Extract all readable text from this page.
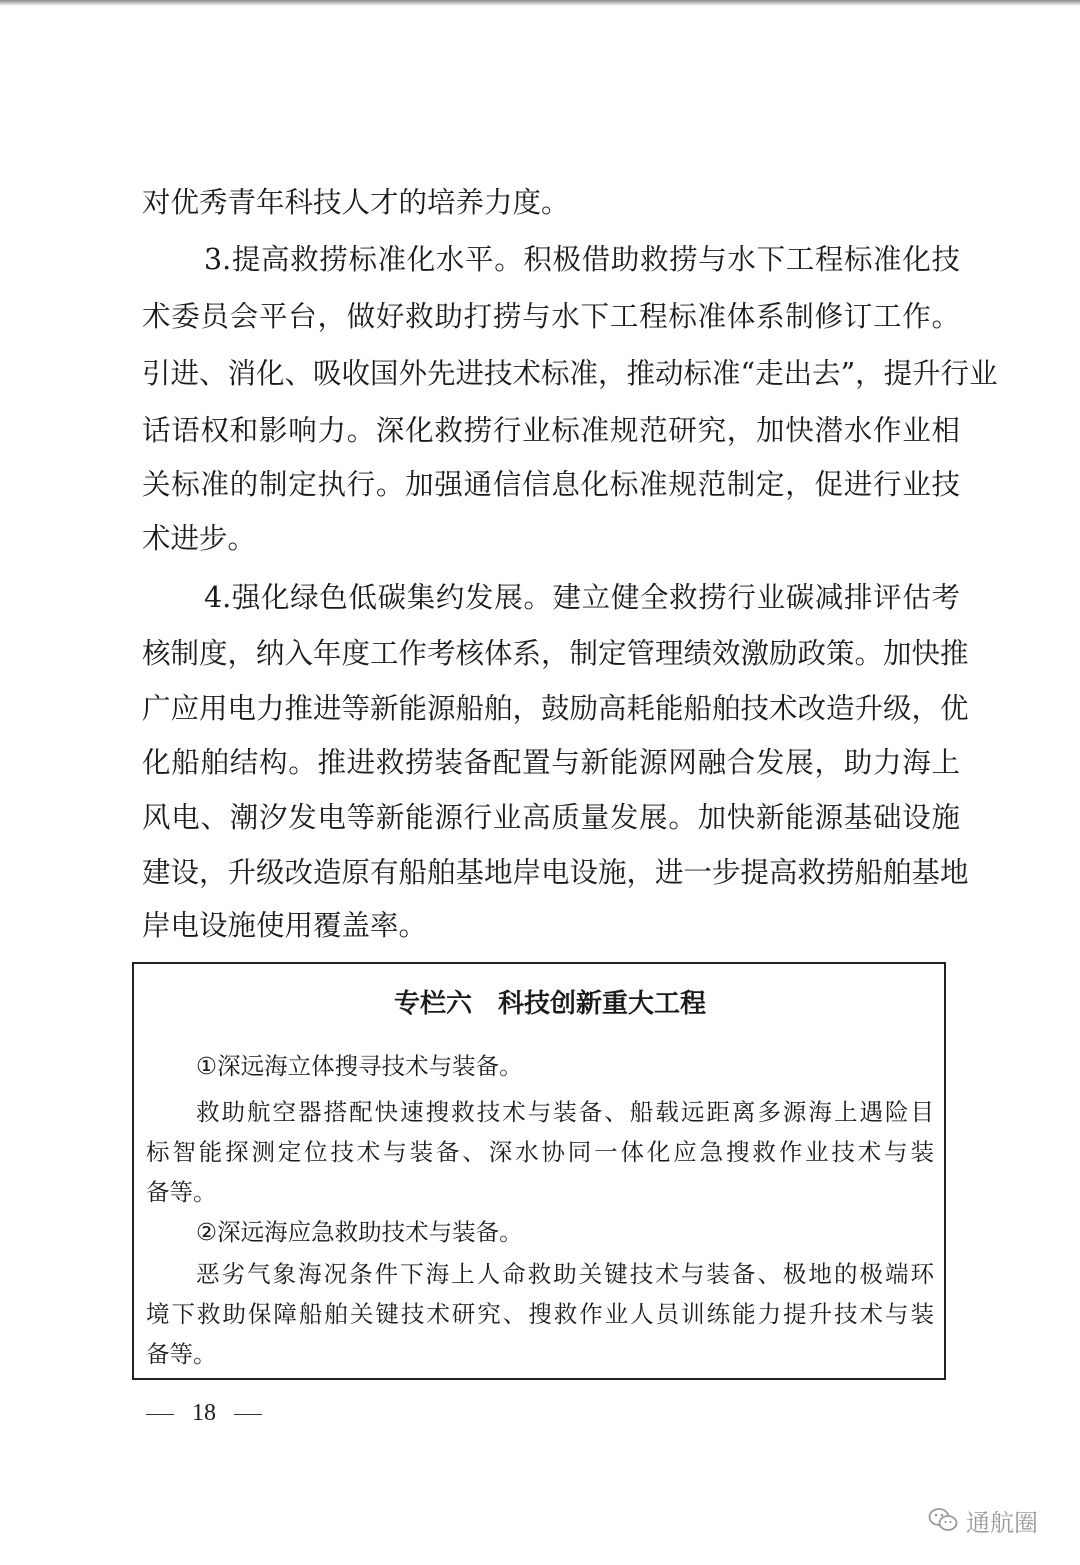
对优秀青年科技人才的培养力度。
3.提高救捞标准化水平。积极借助救捞与水下工程标准化技
术委员会平台，做好救助打捞与水下工程标准体系制修订工作。
引进、消化、吸收国外先进技术标准，推动标准“走出去”，提升行业
话语权和影响力。深化救捞行业标准规范研究，加快潜水作业相
关标准的制定执行。加强通信信息化标准规范制定，促进行业技
术进步。
4.强化绿色低碳集约发展。建立健全救捞行业碳减排评估考
核制度，纳入年度工作考核体系，制定管理绩效激励政策。加快推
广应用电力推进等新能源船舶，鼓励高耗能船舶技术改造升级，优
化船舶结构。推进救捞装备配置与新能源网融合发展，助力海上
风电、潮汐发电等新能源行业高质量发展。加快新能源基础设施
建设，升级改造原有船舶基地岸电设施，进一步提高救捞船舶基地
岸电设施使用覆盖率。
专栏六 科技创新重大工程
①深远海立体搜寻技术与装备。
救助航空器搭配快速搜救技术与装备、船载远距离多源海上遇险目
标智能探测定位技术与装备、深水协同一体化应急搜救作业技术与装
备等。
②深远海应急救助技术与装备。
恶劣气象海况条件下海上人命救助关键技术与装备、极地的极端环
境下救助保障船舶关键技术研究、搜救作业人员训练能力提升技术与装
备等。
18
通航圈
